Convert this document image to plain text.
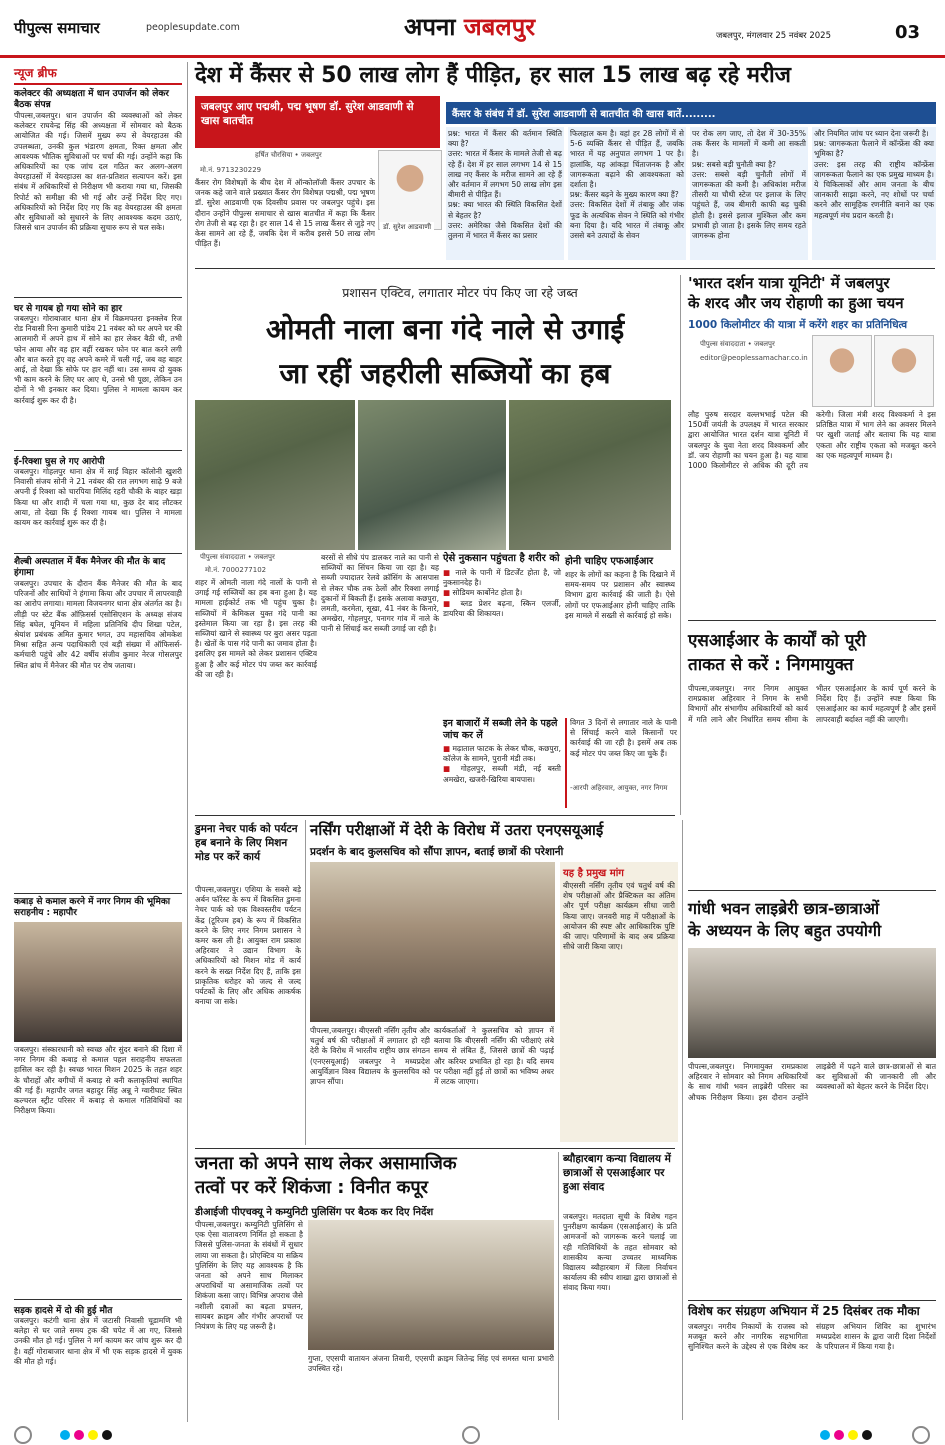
पीपुल्स समाचार	peoplesupdate.com	अपना जबलपुर	जबलपुर, मंगलवार 25 नवंबर 2025	03
न्यूज ब्रीफ
कलेक्टर की अध्यक्षता में धान उपार्जन को लेकर बैठक संपन्न
पीपल्स,जबलपुर। धान उपार्जन की व्यवस्थाओं को लेकर कलेक्टर राघवेन्द्र सिंह की अध्यक्षता में सोमवार को बैठक आयोजित की गई। जिसमें मुख्य रूप से वेयरहाउस की उपलब्धता, उनकी कुल भंडारण क्षमता, रिक्त क्षमता और आवश्यक भौतिक सुविधाओं पर चर्चा की गई। उन्होंने कहा कि अधिकारियों का एक जांच दल गठित कर अलग-अलग वेयरहाउसों में वेयरहाउस का शत-प्रतिशत सत्यापन करें। इस संबंध में अधिकारियों से निरीक्षण भी कराया गया था, जिसकी रिपोर्ट को समीक्षा की भी गई और उन्हें निर्देश दिए गए। अधिकारियों को निर्देश दिए गए कि वह वेयरहाउस की क्षमता और सुविधाओं को सुधारने के लिए आवश्यक कदम उठाएं, जिससे धान उपार्जन की प्रक्रिया सुचारु रूप से चल सके।
घर से गायब हो गया सोने का हार
जबलपुर। गोराबाजार थाना क्षेत्र में विक्रमपतरा इनक्लेव रिज रोड निवासी रिना कुमारी पांडेय 21 नवंबर को घर अपने घर की आलमारी में अपने हाथ में सोने का हार लेकर बैठी थी, तभी फोन आया और वह हार वहीं रखकर फोन पर बात करने लगी और बात करते हुए वह अपने कमरे में चली गई, जब वह बाहर आई, तो देखा कि सोफे पर हार नहीं था। उस समय दो युवक भी काम करने के लिए घर आए थे, उनसे भी पूछा, लेकिन उन दोनों ने भी इनकार कर दिया। पुलिस ने मामला कायम कर कार्रवाई शुरू कर दी है।
ई-रिक्शा घुस ले गए आरोपी
जबलपुर। गोहलपुर थाना क्षेत्र में साईं विहार कॉलोनी खुशरी निवासी संजय सोनी ने 21 नवंबर की रात लगभग साढ़े 9 बजे अपनी ई रिक्शा को चारपिया मिलिंद रहरी चौकी के बाहर खड़ा किया था और शादी में चला गया था, कुछ देर बाद लौटकर आया, तो देखा कि ई रिक्शा गायब था। पुलिस ने मामला कायम कर कार्रवाई शुरू कर दी है।
शैल्बी अस्पताल में बैंक मैनेजर की मौत के बाद हंगामा
जबलपुर। उपचार के दौरान बैंक मैनेजर की मौत के बाद परिजनों और साथियों ने हंगामा किया और उपचार में लापरवाही का आरोप लगाया। मामला विजयनगर थाना क्षेत्र अंतर्गत का है। लीड़ी पर स्टेट बैंक ऑफ़िसर्स एसोसिएशन के अध्यक्ष संजय सिंह बघेल, यूनियन में महिला प्रतिनिधि दीप शिखा पटेल, श्रेयांश प्रबंधक अमित कुमार भगत, उप महासचिव ओमकेश मिश्रा सहित अन्य पदाधिकारी एवं बड़ी संख्या में ऑफिसर्स-कर्मचारी पहुंचे और 42 वर्षीय संजीव कुमार नेरज गोसलपुर स्थित ब्रांच में मैनेजर की मौत पर रोष जताया।
कबाड़ से कमाल करने में नगर निगम की भूमिका सराहनीय : महापौर
जबलपुर। संस्कारधानी को स्वच्छ और सुंदर बनाने की दिशा में नगर निगम की कबाड़ से कमाल पहल सराहनीय सफलता हासिल कर रही है। स्वच्छ भारत मिशन 2025 के तहत शहर के चौराहों और बगीचों में कबाड़ से बनी कलाकृतियां स्थापित की गई हैं। महापौर जगत बहादुर सिंह अन्नू ने ग्वारीघाट स्थित कल्चरल स्ट्रीट परिसर में कबाड़ से कमाल गतिविधियों का निरीक्षण किया।
सड़क हादसे में दो की हुई मौत
जबलपुर। कटंगी थाना क्षेत्र में जटासी निवासी चूडामणि भी बलेहा से घर जाते समय ट्रक की चपेट में आ गए, जिससे उनकी मौत हो गई। पुलिस ने मर्ग कायम कर जांच शुरू कर दी है। वहीं गोराबाजार थाना क्षेत्र में भी एक सड़क हादसे में युवक की मौत हो गई।
देश में कैंसर से 50 लाख लोग हैं पीड़ित, हर साल 15 लाख बढ़ रहे मरीज
जबलपुर आए पद्मश्री, पद्म भूषण डॉ. सुरेश आडवाणी से खास बातचीत
हर्षित चौरसिया • जबलपुर
मो.नं. 9713230229
डॉ. सुरेश आडवाणी
कैंसर रोग विशेषज्ञों के बीच देश में ऑन्कोलॉजी कैंसर उपचार के जनक कहे जाने वाले प्रख्यात कैंसर रोग विशेषज्ञ पद्मश्री, पद्म भूषण डॉ. सुरेश आडवाणी एक दिवसीय प्रवास पर जबलपुर पहुंचे। इस दौरान उन्होंने पीपुल्स समाचार से खास बातचीत में कहा कि कैंसर रोग तेजी से बढ़ रहा है। हर साल 14 से 15 लाख कैंसर से जुड़े नए केस सामने आ रहे हैं, जबकि देश में करीब इससे 50 लाख लोग पीड़ित हैं।
कैंसर के संबंध में डॉ. सुरेश आडवाणी से बातचीत की खास बातें.........
प्रश्न: भारत में कैंसर की वर्तमान स्थिति क्या है?
उत्तर: भारत में कैंसर के मामले तेजी से बढ़ रहे हैं। देश में हर साल लगभग 14 से 15 लाख नए कैंसर के मरीज सामने आ रहे हैं और वर्तमान में लगभग 50 लाख लोग इस बीमारी से पीड़ित हैं।
प्रश्न: क्या भारत की स्थिति विकसित देशों से बेहतर है?
उत्तर: अमेरिका जैसे विकसित देशों की तुलना में भारत में कैंसर का प्रसार
फिलहाल कम है। वहां हर 28 लोगों में से 5-6 व्यक्ति कैंसर से पीड़ित हैं, जबकि भारत में यह अनुपात लगभग 1 पर है। हालांकि, यह आंकड़ा चिंताजनक है और जागरूकता बढ़ाने की आवश्यकता को दर्शाता है।
प्रश्न: कैंसर बढ़ने के मुख्य कारण क्या हैं?
उत्तर: विकसित देशों में तंबाकू और जंक फूड के अत्यधिक सेवन ने स्थिति को गंभीर बना दिया है। यदि भारत में तंबाकू और उससे बने उत्पादों के सेवन
पर रोक लग जाए, तो देश में 30-35% तक कैंसर के मामलों में कमी आ सकती है।
प्रश्न: सबसे बड़ी चुनौती क्या है?
उत्तर: सबसे बड़ी चुनौती लोगों में जागरूकता की कमी है। अधिकांश मरीज तीसरी या चौथी स्टेज पर इलाज के लिए पहुंचते हैं, जब बीमारी काफी बढ़ चुकी होती है। इससे इलाज मुश्किल और कम प्रभावी हो जाता है। इसके लिए समय रहते जागरूक होना
और नियमित जांच पर ध्यान देना जरूरी है।
प्रश्न: जागरूकता फैलाने में कॉन्फ्रेंस की क्या भूमिका है?
उत्तर: इस तरह की राष्ट्रीय कॉन्फ्रेंस जागरूकता फैलाने का एक प्रमुख माध्यम है। ये चिकित्सकों और आम जनता के बीच जानकारी साझा करने, नए शोधों पर चर्चा करने और सामूहिक रणनीति बनाने का एक महत्वपूर्ण मंच प्रदान करती है।
प्रशासन एक्टिव, लगातार मोटर पंप किए जा रहे जब्त
ओमती नाला बना गंदे नाले से उगाई
जा रहीं जहरीली सब्जियों का हब
पीपुल्स संवाददाता • जबलपुर
मो.नं. 7000277102
शहर में ओमती नाला गंदे नालों के पानी से उगाई गई सब्जियों का हब बना हुआ है। यह मामला हाईकोर्ट तक भी पहुंच चुका है। सब्जियों में केमिकल युक्त गंदे पानी का इस्तेमाल किया जा रहा है। इस तरह की सब्जियां खाने से स्वास्थ्य पर बुरा असर पड़ता है। खेतों के पास गंदे पानी का जमाव होता है। इसलिए इस मामले को लेकर प्रशासन एक्टिव हुआ है और कई मोटर पंप जब्त कर कार्रवाई की जा रही है।
बरसों से सीधे पंप डालकर नाले का पानी से सब्जियों का सिंचन किया जा रहा है। यह सब्जी ज्यादातर रेलवे क्रॉसिंग के आसपास से लेकर चौक तक ठेलों और रिक्शा लगाई दुकानों में बिकती हैं। इसके अलावा कछपुरा, लमती, करमेता, सूखा, 41 नंबर के किनारे, अमखेरा, गोहलपुर, पनागर गांव में नाले के पानी से सिंचाई कर सब्जी उगाई जा रही है।
ऐसे नुकसान पहुंचता है शरीर को
■ नाले के पानी में डिटर्जेंट होता है, जो नुकसानदेह है।
■ सोडियम कार्बोनेट होता है।
■ ब्लड प्रेशर बढ़ना, स्किन एलर्जी, डायरिया की शिकायत।
होनी चाहिए एफआईआर
शहर के लोगों का कहना है कि दिखाने में समय-समय पर प्रशासन और स्वास्थ्य विभाग द्वारा कार्रवाई की जाती है। ऐसे लोगों पर एफआईआर होनी चाहिए ताकि इस मामले में सख्ती से कार्रवाई हो सके।
इन बाजारों में सब्जी लेने के पहले जांच कर लें
■ मढ़ाताल फाटक के लेकर चौक, कछपुरा, कॉलेज के सामने, पुरानी मंडी तक।
■ गोहलपुर, सब्जी मंडी, नई बस्ती अमखेरा, खजरी-खिरिया बायपास।
विगत 3 दिनों से लगातार नाले के पानी से सिंचाई करने वाले किसानों पर कार्रवाई की जा रही है। इसमें अब तक कई मोटर पंप जब्त किए जा चुके हैं।
-आरपी अहिरवार, आयुक्त, नगर निगम
'भारत दर्शन यात्रा यूनिटी' में जबलपुर
के शरद और जय रोहाणी का हुआ चयन
1000 किलोमीटर की यात्रा में करेंगे शहर का प्रतिनिधित्व
पीपुल्स संवाददाता • जबलपुर
editor@peoplessamachar.co.in
लौह पुरुष सरदार वल्लभभाई पटेल की 150वीं जयंती के उपलक्ष्य में भारत सरकार द्वारा आयोजित भारत दर्शन यात्रा यूनिटी में जबलपुर के युवा नेता शरद विश्वकर्मा और डॉ. जय रोहाणी का चयन हुआ है। यह यात्रा 1000 किलोमीटर से अधिक की दूरी तय करेगी। जिला मंत्री शरद विश्वकर्मा ने इस प्रतिष्ठित यात्रा में भाग लेने का अवसर मिलने पर खुशी जताई और बताया कि यह यात्रा एकता और राष्ट्रीय एकता को मजबूत करने का एक महत्वपूर्ण माध्यम है।
एसआईआर के कार्यों को पूरी
ताकत से करें : निगमायुक्त
पीपल्स,जबलपुर। नगर निगम आयुक्त रामप्रकाश अहिरवार ने निगम के सभी विभागों और संभागीय अधिकारियों को कार्य में गति लाने और निर्धारित समय सीमा के भीतर एसआईआर के कार्य पूर्ण करने के निर्देश दिए हैं। उन्होंने स्पष्ट किया कि एसआईआर का कार्य महत्वपूर्ण है और इसमें लापरवाही बर्दाश्त नहीं की जाएगी।
गांधी भवन लाइब्रेरी छात्र-छात्राओं
के अध्ययन के लिए बहुत उपयोगी
पीपल्स,जबलपुर। निगमायुक्त रामप्रकाश अहिरवार ने सोमवार को निगम अधिकारियों के साथ गांधी भवन लाइब्रेरी परिसर का औचक निरीक्षण किया। इस दौरान उन्होंने लाइब्रेरी में पढ़ने वाले छात्र-छात्राओं से बात कर सुविधाओं की जानकारी ली और व्यवस्थाओं को बेहतर करने के निर्देश दिए।
विशेष कर संग्रहण अभियान में 25 दिसंबर तक मौका
जबलपुर। नगरीय निकायों के राजस्व को मजबूत करने और नागरिक सहभागिता सुनिश्चित करने के उद्देश्य से एक विशेष कर संग्रहण अभियान शिविर का शुभारंभ मध्यप्रदेश शासन के द्वारा जारी दिशा निर्देशों के परिपालन में किया गया है।
नर्सिंग परीक्षाओं में देरी के विरोध में उतरा एनएसयूआई
प्रदर्शन के बाद कुलसचिव को सौंपा ज्ञापन, बताई छात्रों की परेशानी
यह है प्रमुख मांग
बीएससी नर्सिंग तृतीय एवं चतुर्थ वर्ष की शेष परीक्षाओं और प्रैक्टिकल का अंतिम और पूर्ण परीक्षा कार्यक्रम सीधा जारी किया जाए। जनवरी माह में परीक्षाओं के आयोजन की स्पष्ट और आधिकारिक पुष्टि की जाए। परिणामों के बाद अब प्रक्रिया सीधे जारी किया जाए।
पीपल्स,जबलपुर। बीएससी नर्सिंग तृतीय और चतुर्थ वर्ष की परीक्षाओं में लगातार हो रही देरी के विरोध में भारतीय राष्ट्रीय छात्र संगठन (एनएसयूआई) जबलपुर ने मध्यप्रदेश आयुर्विज्ञान विश्व विद्यालय के कुलसचिव को ज्ञापन सौंपा।
कार्यकर्ताओं ने कुलसचिव को ज्ञापन में बताया कि बीएससी नर्सिंग की परीक्षाएं लंबे समय से लंबित हैं, जिससे छात्रों की पढ़ाई और करियर प्रभावित हो रहा है। यदि समय पर परीक्षा नहीं हुई तो छात्रों का भविष्य अधर में लटक जाएगा।
डुमना नेचर पार्क को पर्यटन हब बनाने के लिए मिशन मोड पर करें कार्य
पीपल्स,जबलपुर। एशिया के सबसे बड़े अर्बन फॉरेस्ट के रूप में विकसित डुमना नेचर पार्क को एक विश्वस्तरीय पर्यटन केंद्र (टूरिज्म हब) के रूप में विकसित करने के लिए नगर निगम प्रशासन ने कमर कस ली है। आयुक्त राम प्रकाश अहिरवार ने उद्यान विभाग के अधिकारियों को मिशन मोड में कार्य करने के सख्त निर्देश दिए हैं, ताकि इस प्राकृतिक धरोहर को जल्द से जल्द पर्यटकों के लिए और अधिक आकर्षक बनाया जा सके।
जनता को अपने साथ लेकर असामाजिक
तत्वों पर करें शिकंजा : विनीत कपूर
डीआईजी पीएचक्यू ने कम्युनिटी पुलिसिंग पर बैठक कर दिए निर्देश
पीपल्स,जबलपुर। कम्युनिटी पुलिसिंग से एक ऐसा वातावरण निर्मित हो सकता है जिससे पुलिस-जनता के संबंधों में सुधार लाया जा सकता है। प्रोएक्टिव या सक्रिय पुलिसिंग के लिए यह आवश्यक है कि जनता को अपने साथ मिलाकर अपराधियों या असामाजिक तत्वों पर शिकंजा कसा जाए। विभिन्न अपराध जैसे नशीली दवाओं का बढ़ता प्रचलन, सायबर क्राइम और गंभीर अपराधों पर नियंत्रण के लिए यह जरूरी है।
गुप्ता, एएसपी वातायन अंजना तिवारी, एएसपी क्राइम जितेन्द्र सिंह एवं समस्त थाना प्रभारी उपस्थित रहे।
ब्यौहारबाग कन्या विद्यालय में छात्राओं से एसआईआर पर हुआ संवाद
जबलपुर। मतदाता सूची के विशेष गहन पुनरीक्षण कार्यक्रम (एसआईआर) के प्रति आमजनों को जागरूक करने चलाई जा रही गतिविधियों के तहत सोमवार को शासकीय कन्या उच्चतर माध्यमिक विद्यालय ब्यौहारबाग में जिला निर्वाचन कार्यालय की स्वीप शाखा द्वारा छात्राओं से संवाद किया गया।
